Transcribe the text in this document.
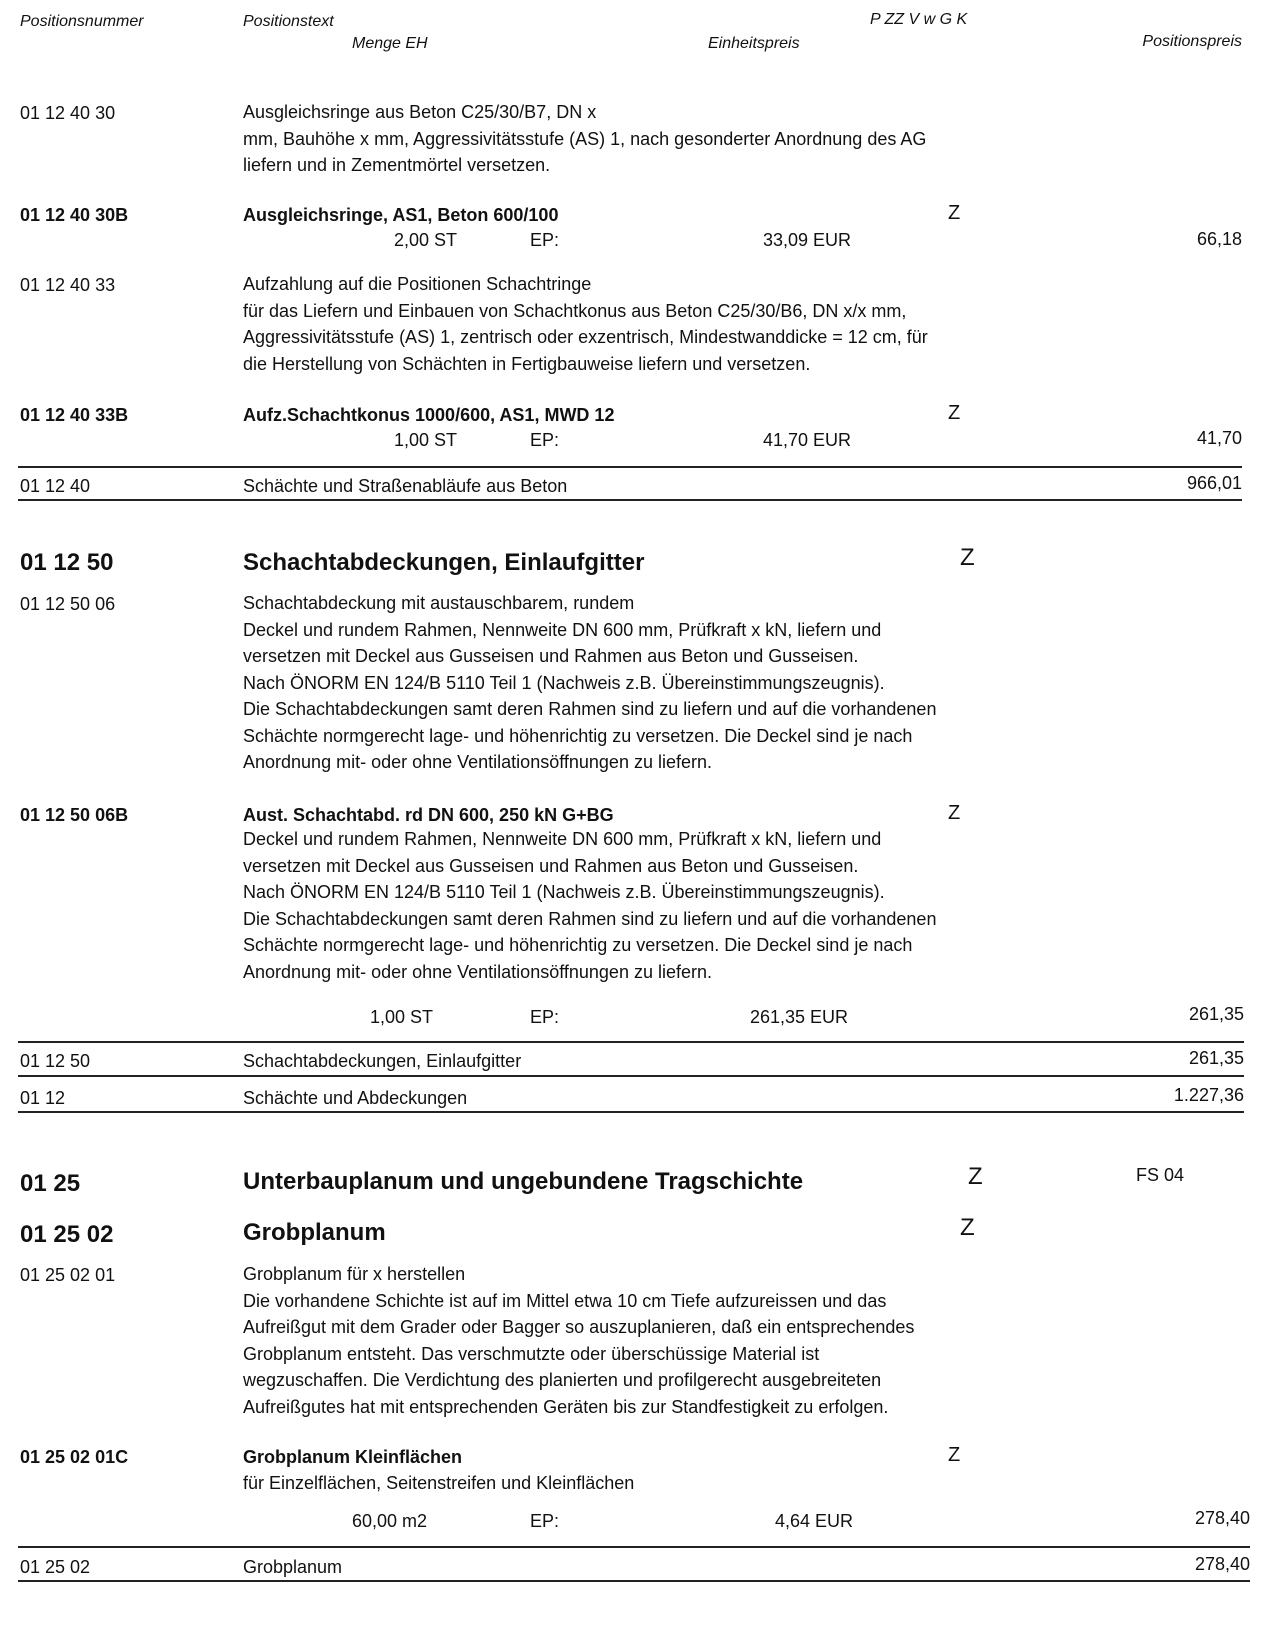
Positionsnummer	Positionstext
Menge EH
P ZZ V w G K
Einheitspreis	Positionspreis
01 12 40 30	Ausgleichsringe aus Beton C25/30/B7, DN x
mm, Bauhöhe x mm, Aggressivitätsstufe (AS) 1, nach gesonderter Anordnung des AG
liefern und in Zementmörtel versetzen.
01 12 40 30B	Ausgleichsringe, AS1, Beton 600/100	Z
2,00 ST	EP:	33,09 EUR	66,18
01 12 40 33	Aufzahlung auf die Positionen Schachtringe
für das Liefern und Einbauen von Schachtkonus aus Beton C25/30/B6, DN x/x mm,
Aggressivitätsstufe (AS) 1, zentrisch oder exzentrisch, Mindestwanddicke = 12 cm, für
die Herstellung von Schächten in Fertigbauweise liefern und versetzen.
01 12 40 33B	Aufz.Schachtkonus 1000/600, AS1, MWD 12	Z
1,00 ST	EP:	41,70 EUR	41,70
01 12 40	Schächte und Straßenabläufe aus Beton	966,01
01 12 50	Schachtabdeckungen, Einlaufgitter	Z
01 12 50 06	Schachtabdeckung mit austauschbarem, rundem
Deckel und rundem Rahmen, Nennweite DN 600 mm, Prüfkraft x kN, liefern und
versetzen mit Deckel aus Gusseisen und Rahmen aus Beton und Gusseisen.
Nach ÖNORM EN 124/B 5110 Teil 1 (Nachweis z.B. Übereinstimmungszeugnis).
Die Schachtabdeckungen samt deren Rahmen sind zu liefern und auf die vorhandenen
Schächte normgerecht lage- und höhenrichtig zu versetzen. Die Deckel sind je nach
Anordnung mit- oder ohne Ventilationsöffnungen zu liefern.
01 12 50 06B	Aust. Schachtabd. rd DN 600, 250 kN G+BG	Z
Deckel und rundem Rahmen, Nennweite DN 600 mm, Prüfkraft x kN, liefern und
versetzen mit Deckel aus Gusseisen und Rahmen aus Beton und Gusseisen.
Nach ÖNORM EN 124/B 5110 Teil 1 (Nachweis z.B. Übereinstimmungszeugnis).
Die Schachtabdeckungen samt deren Rahmen sind zu liefern und auf die vorhandenen
Schächte normgerecht lage- und höhenrichtig zu versetzen. Die Deckel sind je nach
Anordnung mit- oder ohne Ventilationsöffnungen zu liefern.
1,00 ST	EP:	261,35 EUR	261,35
01 12 50	Schachtabdeckungen, Einlaufgitter	261,35
01 12	Schächte und Abdeckungen	1.227,36
01 25	Unterbauplanum und ungebundene Tragschichte	Z	FS 04
01 25 02	Grobplanum	Z
01 25 02 01	Grobplanum für x herstellen
Die vorhandene Schichte ist auf im Mittel etwa 10 cm Tiefe aufzureissen und das
Aufreißgut mit dem Grader oder Bagger so auszuplanieren, daß ein entsprechendes
Grobplanum entsteht. Das verschmutzte oder überschüssige Material ist
wegzuschaffen. Die Verdichtung des planierten und profilgerecht ausgebreiteten
Aufreißgutes hat mit entsprechenden Geräten bis zur Standfestigkeit zu erfolgen.
01 25 02 01C	Grobplanum Kleinflächen	Z
für Einzelflächen, Seitenstreifen und Kleinflächen
60,00 m2	EP:	4,64 EUR	278,40
01 25 02	Grobplanum	278,40
